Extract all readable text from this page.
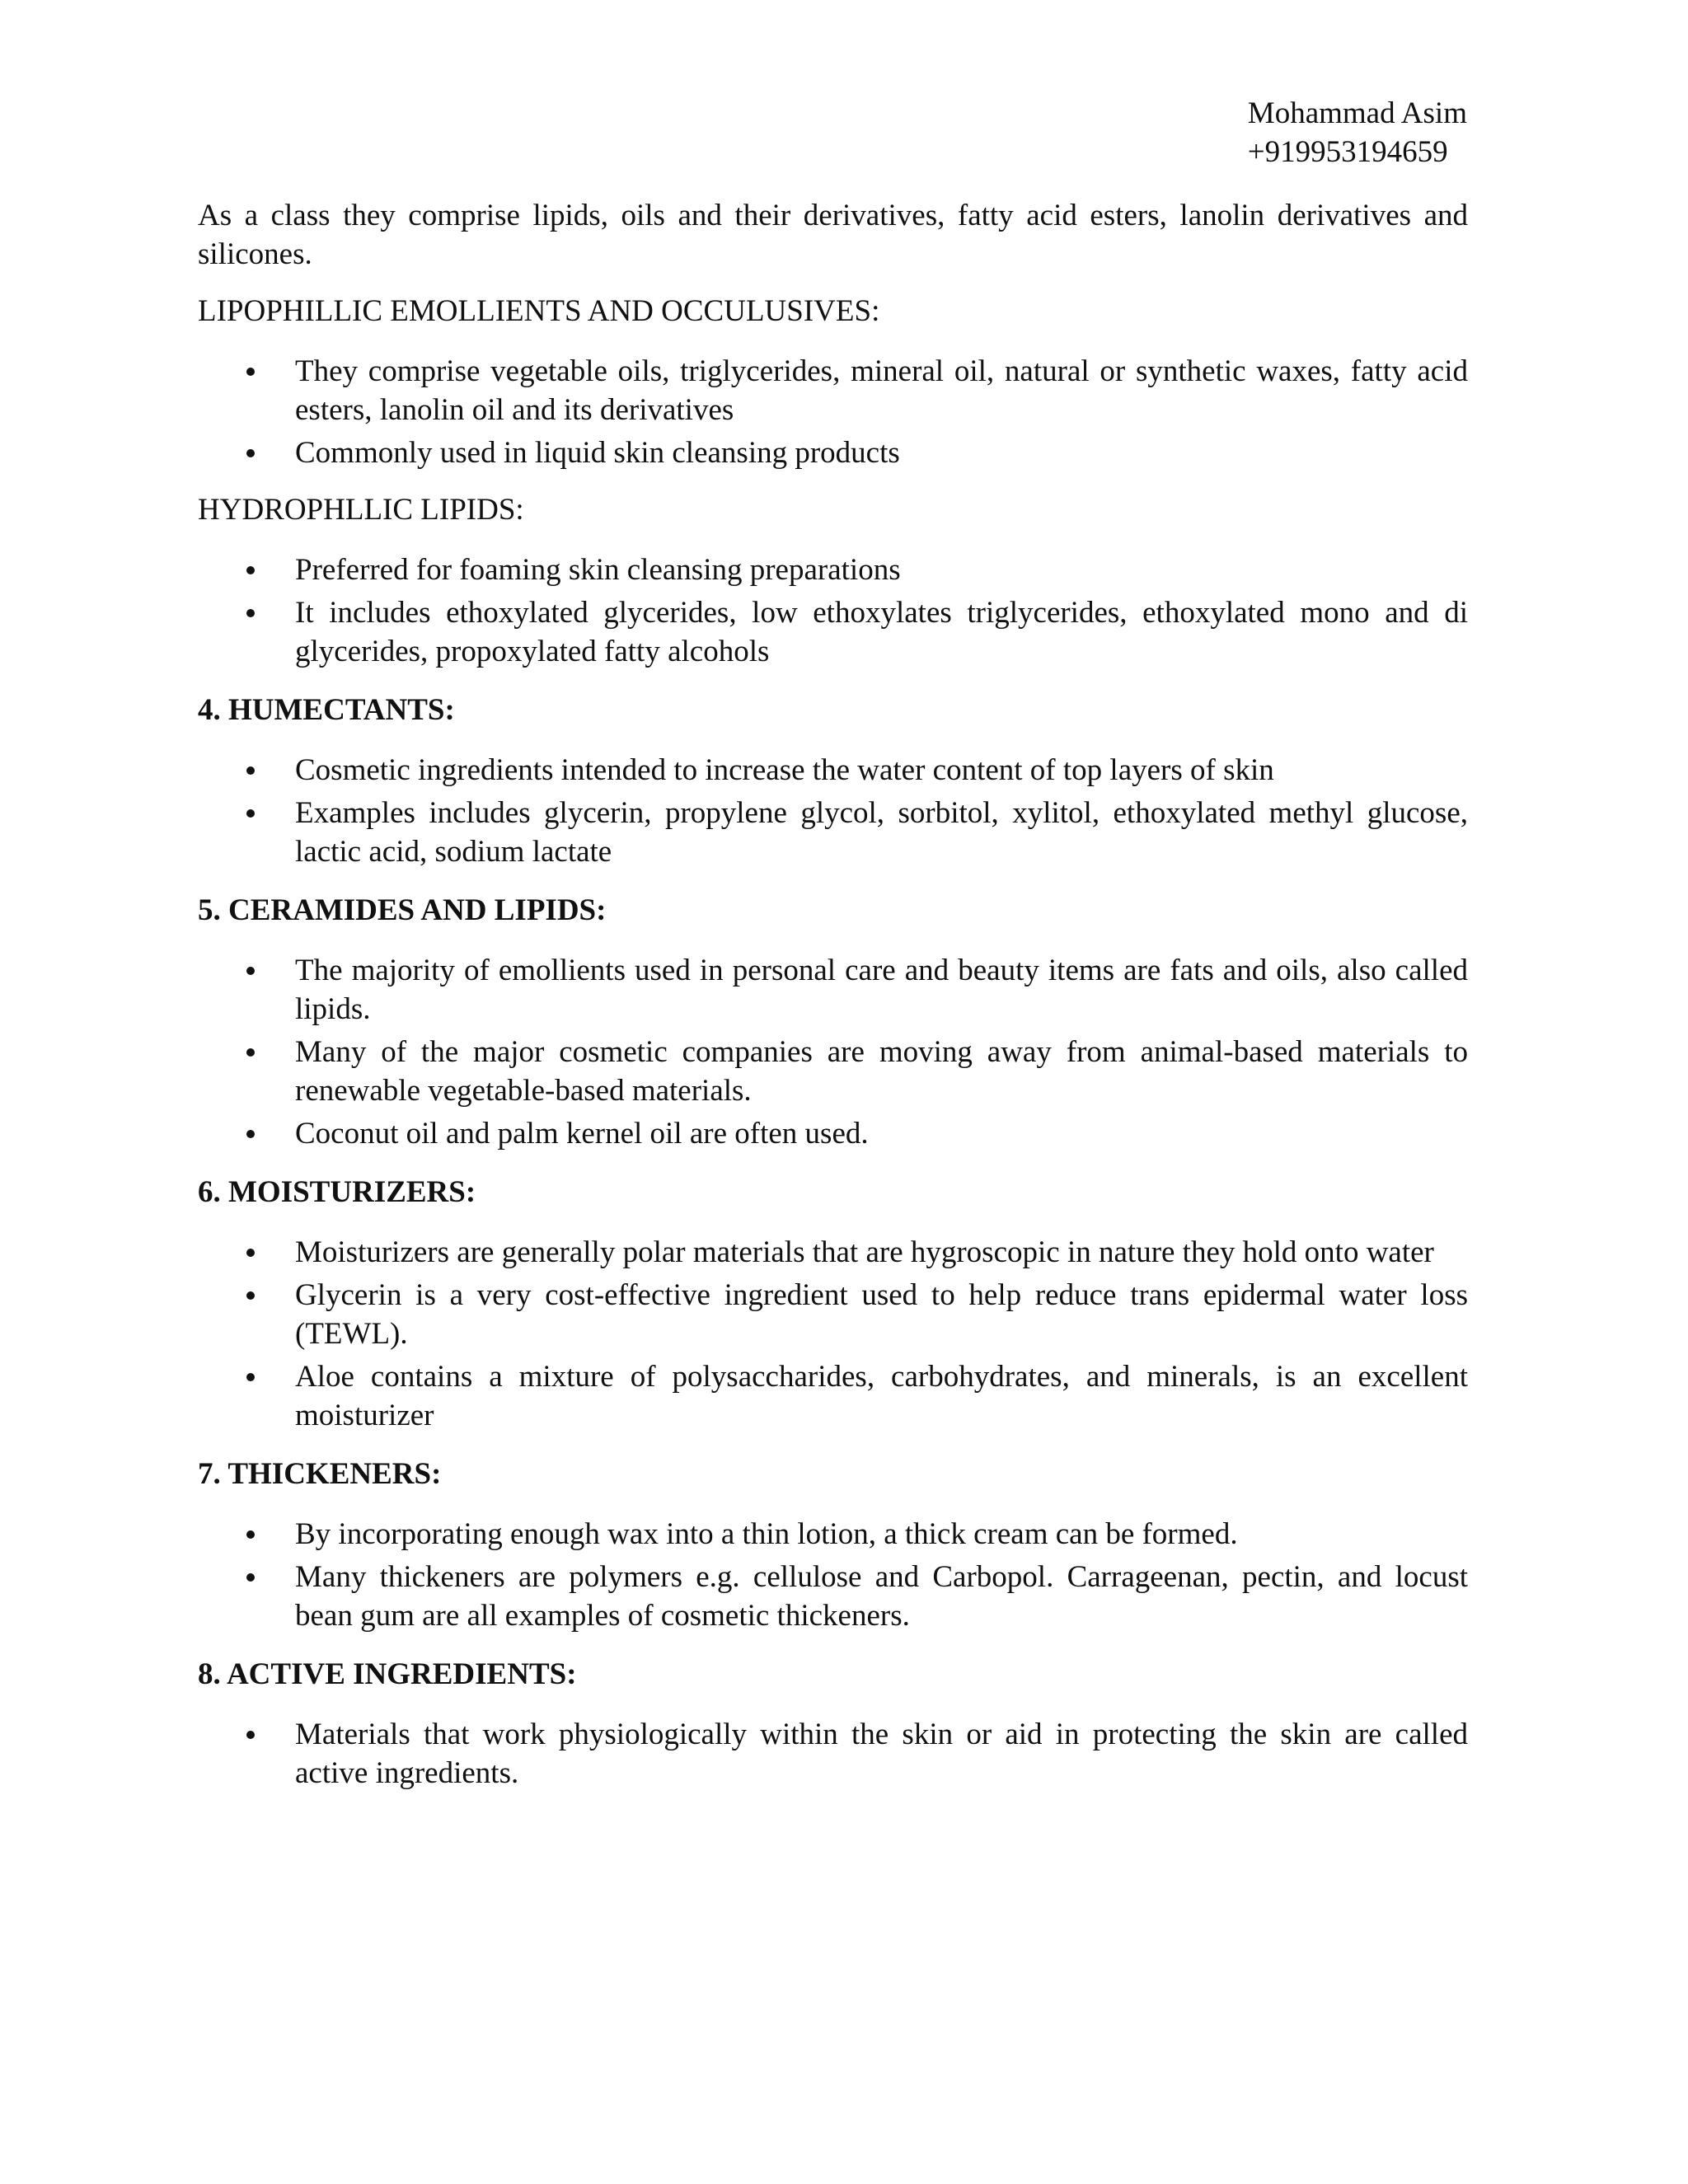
Mohammad Asim
+919953194659

As a class they comprise lipids, oils and their derivatives, fatty acid esters, lanolin derivatives and silicones.

LIPOPHILLIC EMOLLIENTS AND OCCULUSIVES:

They comprise vegetable oils, triglycerides, mineral oil, natural or synthetic waxes, fatty acid esters, lanolin oil and its derivatives
Commonly used in liquid skin cleansing products

HYDROPHLLIC LIPIDS:

Preferred for foaming skin cleansing preparations
It includes ethoxylated glycerides, low ethoxylates triglycerides, ethoxylated mono and di glycerides, propoxylated fatty alcohols

4. HUMECTANTS:

Cosmetic ingredients intended to increase the water content of top layers of skin
Examples includes glycerin, propylene glycol, sorbitol, xylitol, ethoxylated methyl glucose, lactic acid, sodium lactate

5. CERAMIDES AND LIPIDS:

The majority of emollients used in personal care and beauty items are fats and oils, also called lipids.
Many of the major cosmetic companies are moving away from animal-based materials to renewable vegetable-based materials.
Coconut oil and palm kernel oil are often used.

6. MOISTURIZERS:

Moisturizers are generally polar materials that are hygroscopic in nature they hold onto water
Glycerin is a very cost-effective ingredient used to help reduce trans epidermal water loss (TEWL).
Aloe contains a mixture of polysaccharides, carbohydrates, and minerals, is an excellent moisturizer

7. THICKENERS:

By incorporating enough wax into a thin lotion, a thick cream can be formed.
Many thickeners are polymers e.g. cellulose and Carbopol. Carrageenan, pectin, and locust bean gum are all examples of cosmetic thickeners.

8. ACTIVE INGREDIENTS:

Materials that work physiologically within the skin or aid in protecting the skin are called active ingredients.
